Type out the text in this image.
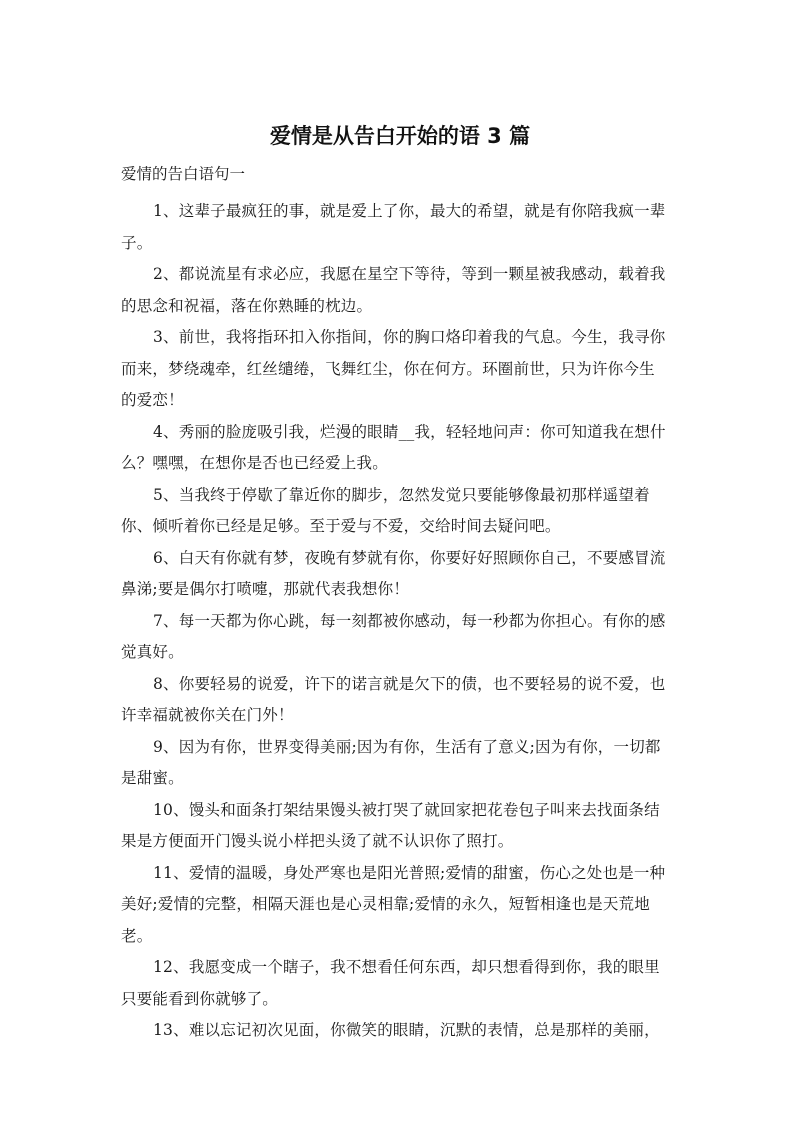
爱情是从告白开始的语 3 篇
爱情的告白语句一

1、这辈子最疯狂的事，就是爱上了你，最大的希望，就是有你陪我疯一辈
子。

2、都说流星有求必应，我愿在星空下等待，等到一颗星被我感动，载着我
的思念和祝福，落在你熟睡的枕边。

3、前世，我将指环扣入你指间，你的胸口烙印着我的气息。今生，我寻你
而来，梦绕魂牵，红丝缱绻，飞舞红尘，你在何方。环圈前世，只为许你今生
的爱恋！

4、秀丽的脸庞吸引我，烂漫的眼睛__我，轻轻地问声：你可知道我在想什
么？嘿嘿，在想你是否也已经爱上我。

5、当我终于停歇了靠近你的脚步，忽然发觉只要能够像最初那样遥望着
你、倾听着你已经是足够。至于爱与不爱，交给时间去疑问吧。

6、白天有你就有梦，夜晚有梦就有你，你要好好照顾你自己，不要感冒流
鼻涕;要是偶尔打喷嚏，那就代表我想你！

7、每一天都为你心跳，每一刻都被你感动，每一秒都为你担心。有你的感
觉真好。

8、你要轻易的说爱，许下的诺言就是欠下的债，也不要轻易的说不爱，也
许幸福就被你关在门外！

9、因为有你，世界变得美丽;因为有你，生活有了意义;因为有你，一切都
是甜蜜。

10、馒头和面条打架结果馒头被打哭了就回家把花卷包子叫来去找面条结
果是方便面开门馒头说小样把头烫了就不认识你了照打。

11、爱情的温暖，身处严寒也是阳光普照;爱情的甜蜜，伤心之处也是一种
美好;爱情的完整，相隔天涯也是心灵相靠;爱情的永久，短暂相逢也是天荒地
老。

12、我愿变成一个瞎子，我不想看任何东西，却只想看得到你，我的眼里
只要能看到你就够了。

13、难以忘记初次见面，你微笑的眼睛，沉默的表情，总是那样的美丽，
